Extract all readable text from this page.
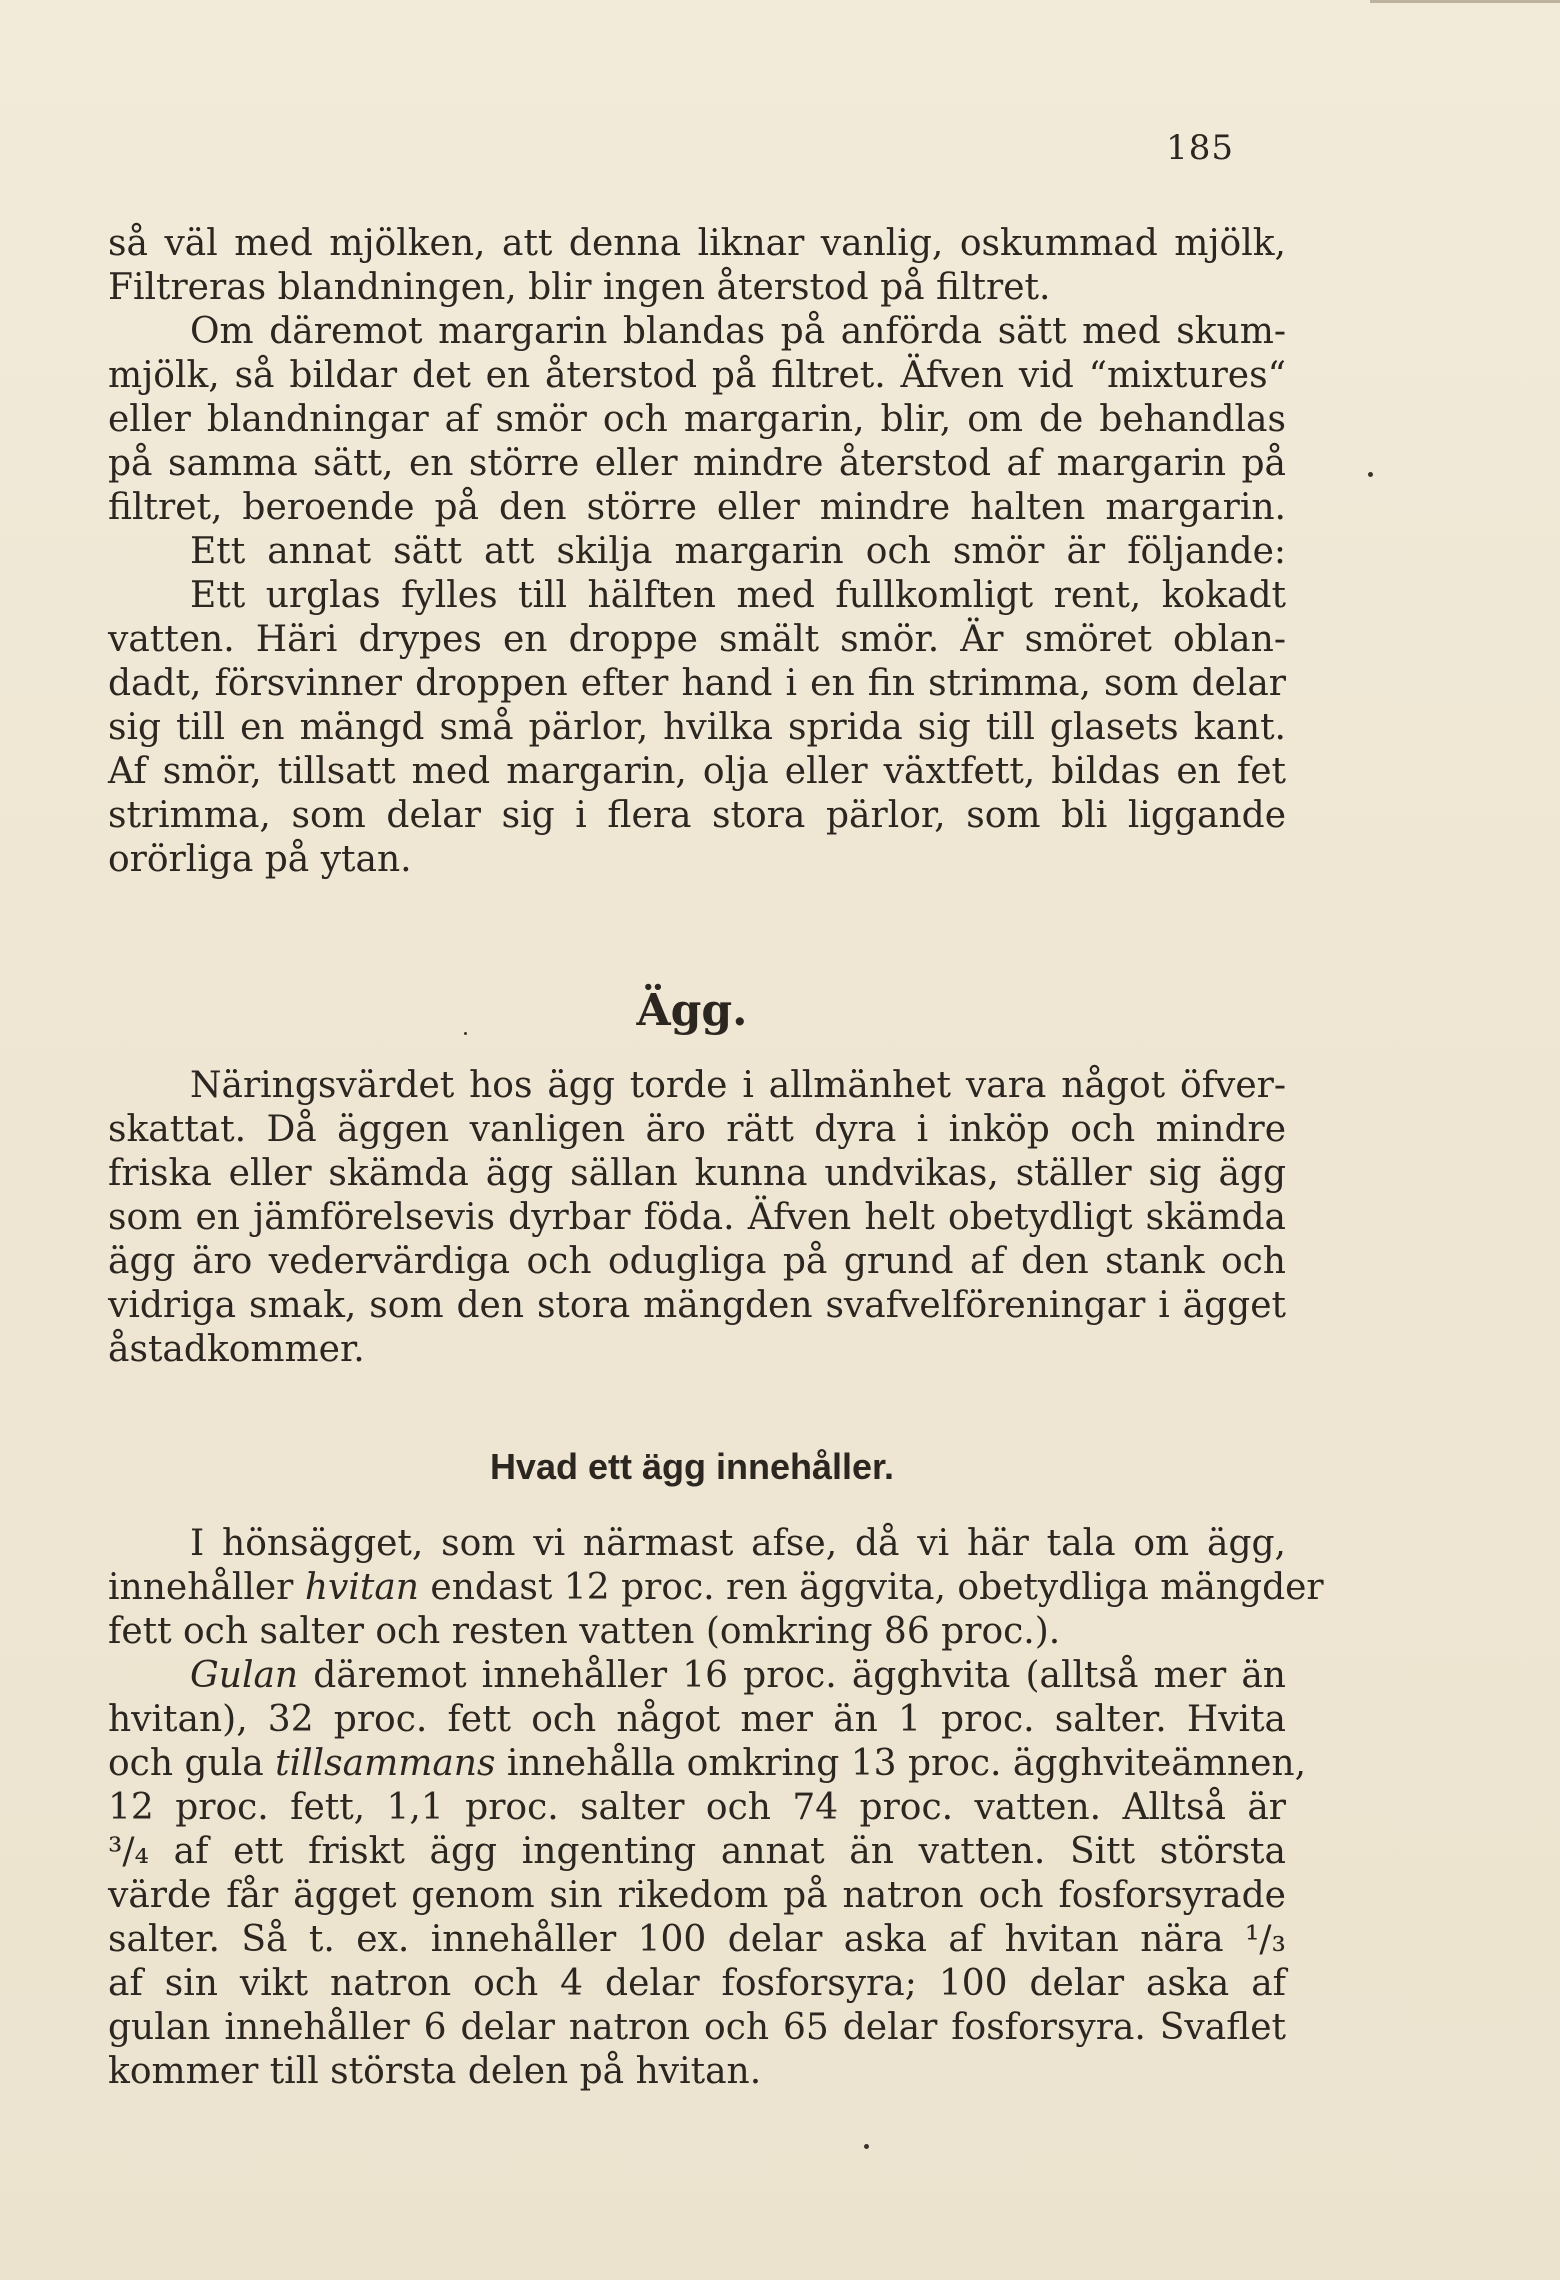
185
så väl med mjölken, att denna liknar vanlig, oskummad mjölk,
Filtreras blandningen, blir ingen återstod på filtret.
Om däremot margarin blandas på anförda sätt med skum-
mjölk, så bildar det en återstod på filtret. Äfven vid “mixtures“
eller blandningar af smör och margarin, blir, om de behandlas
på samma sätt, en större eller mindre återstod af margarin på
filtret, beroende på den större eller mindre halten margarin.
Ett annat sätt att skilja margarin och smör är följande:
Ett urglas fylles till hälften med fullkomligt rent, kokadt
vatten. Häri drypes en droppe smält smör. Är smöret oblan-
dadt, försvinner droppen efter hand i en fin strimma, som delar
sig till en mängd små pärlor, hvilka sprida sig till glasets kant.
Af smör, tillsatt med margarin, olja eller växtfett, bildas en fet
strimma, som delar sig i flera stora pärlor, som bli liggande
orörliga på ytan.
Ägg.
Näringsvärdet hos ägg torde i allmänhet vara något öfver-
skattat. Då äggen vanligen äro rätt dyra i inköp och mindre
friska eller skämda ägg sällan kunna undvikas, ställer sig ägg
som en jämförelsevis dyrbar föda. Äfven helt obetydligt skämda
ägg äro vedervärdiga och odugliga på grund af den stank och
vidriga smak, som den stora mängden svafvelföreningar i ägget
åstadkommer.
Hvad ett ägg innehåller.
I hönsägget, som vi närmast afse, då vi här tala om ägg,
innehåller hvitan endast 12 proc. ren äggvita, obetydliga mängder
fett och salter och resten vatten (omkring 86 proc.).
Gulan däremot innehåller 16 proc. ägghvita (alltså mer än
hvitan), 32 proc. fett och något mer än 1 proc. salter. Hvita
och gula tillsammans innehålla omkring 13 proc. ägghviteämnen,
12 proc. fett, 1,1 proc. salter och 74 proc. vatten. Alltså är
³/₄ af ett friskt ägg ingenting annat än vatten. Sitt största
värde får ägget genom sin rikedom på natron och fosforsyrade
salter. Så t. ex. innehåller 100 delar aska af hvitan nära ¹/₃
af sin vikt natron och 4 delar fosforsyra; 100 delar aska af
gulan innehåller 6 delar natron och 65 delar fosforsyra. Svaflet
kommer till största delen på hvitan.
